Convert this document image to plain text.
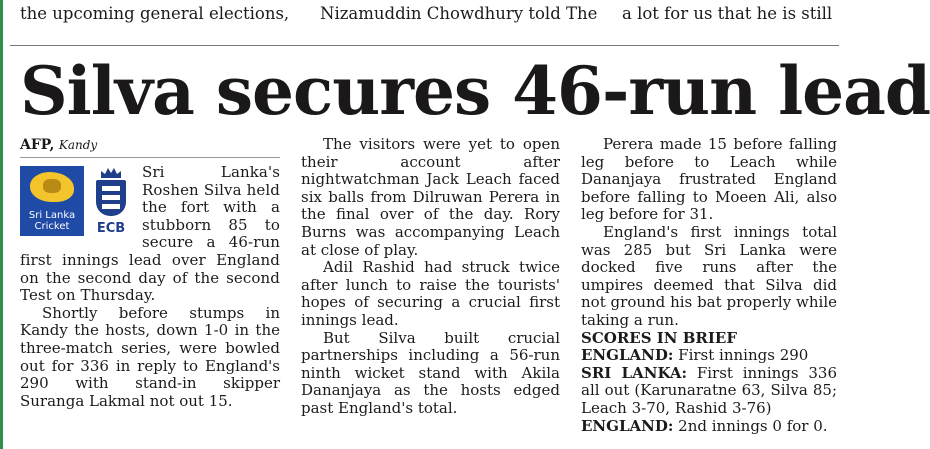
the upcoming general elections, Nizamuddin Chowdhury told The a lot for us that he is still
Silva secures 46-run lead
AFP, Kandy
Sri Lanka Cricket	ECB

Sri Lanka's Roshen Silva held the fort with a stubborn 85 to secure a 46-run first innings lead over England on the second day of the second Test on Thursday.

Shortly before stumps in Kandy the hosts, down 1-0 in the three-match series, were bowled out for 336 in reply to England's 290 with stand-in skipper Suranga Lakmal not out 15.

The visitors were yet to open their account after nightwatchman Jack Leach faced six balls from Dilruwan Perera in the final over of the day. Rory Burns was accompanying Leach at close of play.

Adil Rashid had struck twice after lunch to raise the tourists' hopes of securing a crucial first innings lead.

But Silva built crucial partnerships including a 56-run ninth wicket stand with Akila Dananjaya as the hosts edged past England's total.

Perera made 15 before falling leg before to Leach while Dananjaya frustrated England before falling to Moeen Ali, also leg before for 31.

England's first innings total was 285 but Sri Lanka were docked five runs after the umpires deemed that Silva did not ground his bat properly while taking a run.

SCORES IN BRIEF

ENGLAND: First innings 290

SRI LANKA: First innings 336 all out (Karunaratne 63, Silva 85; Leach 3-70, Rashid 3-76)

ENGLAND: 2nd innings 0 for 0.
